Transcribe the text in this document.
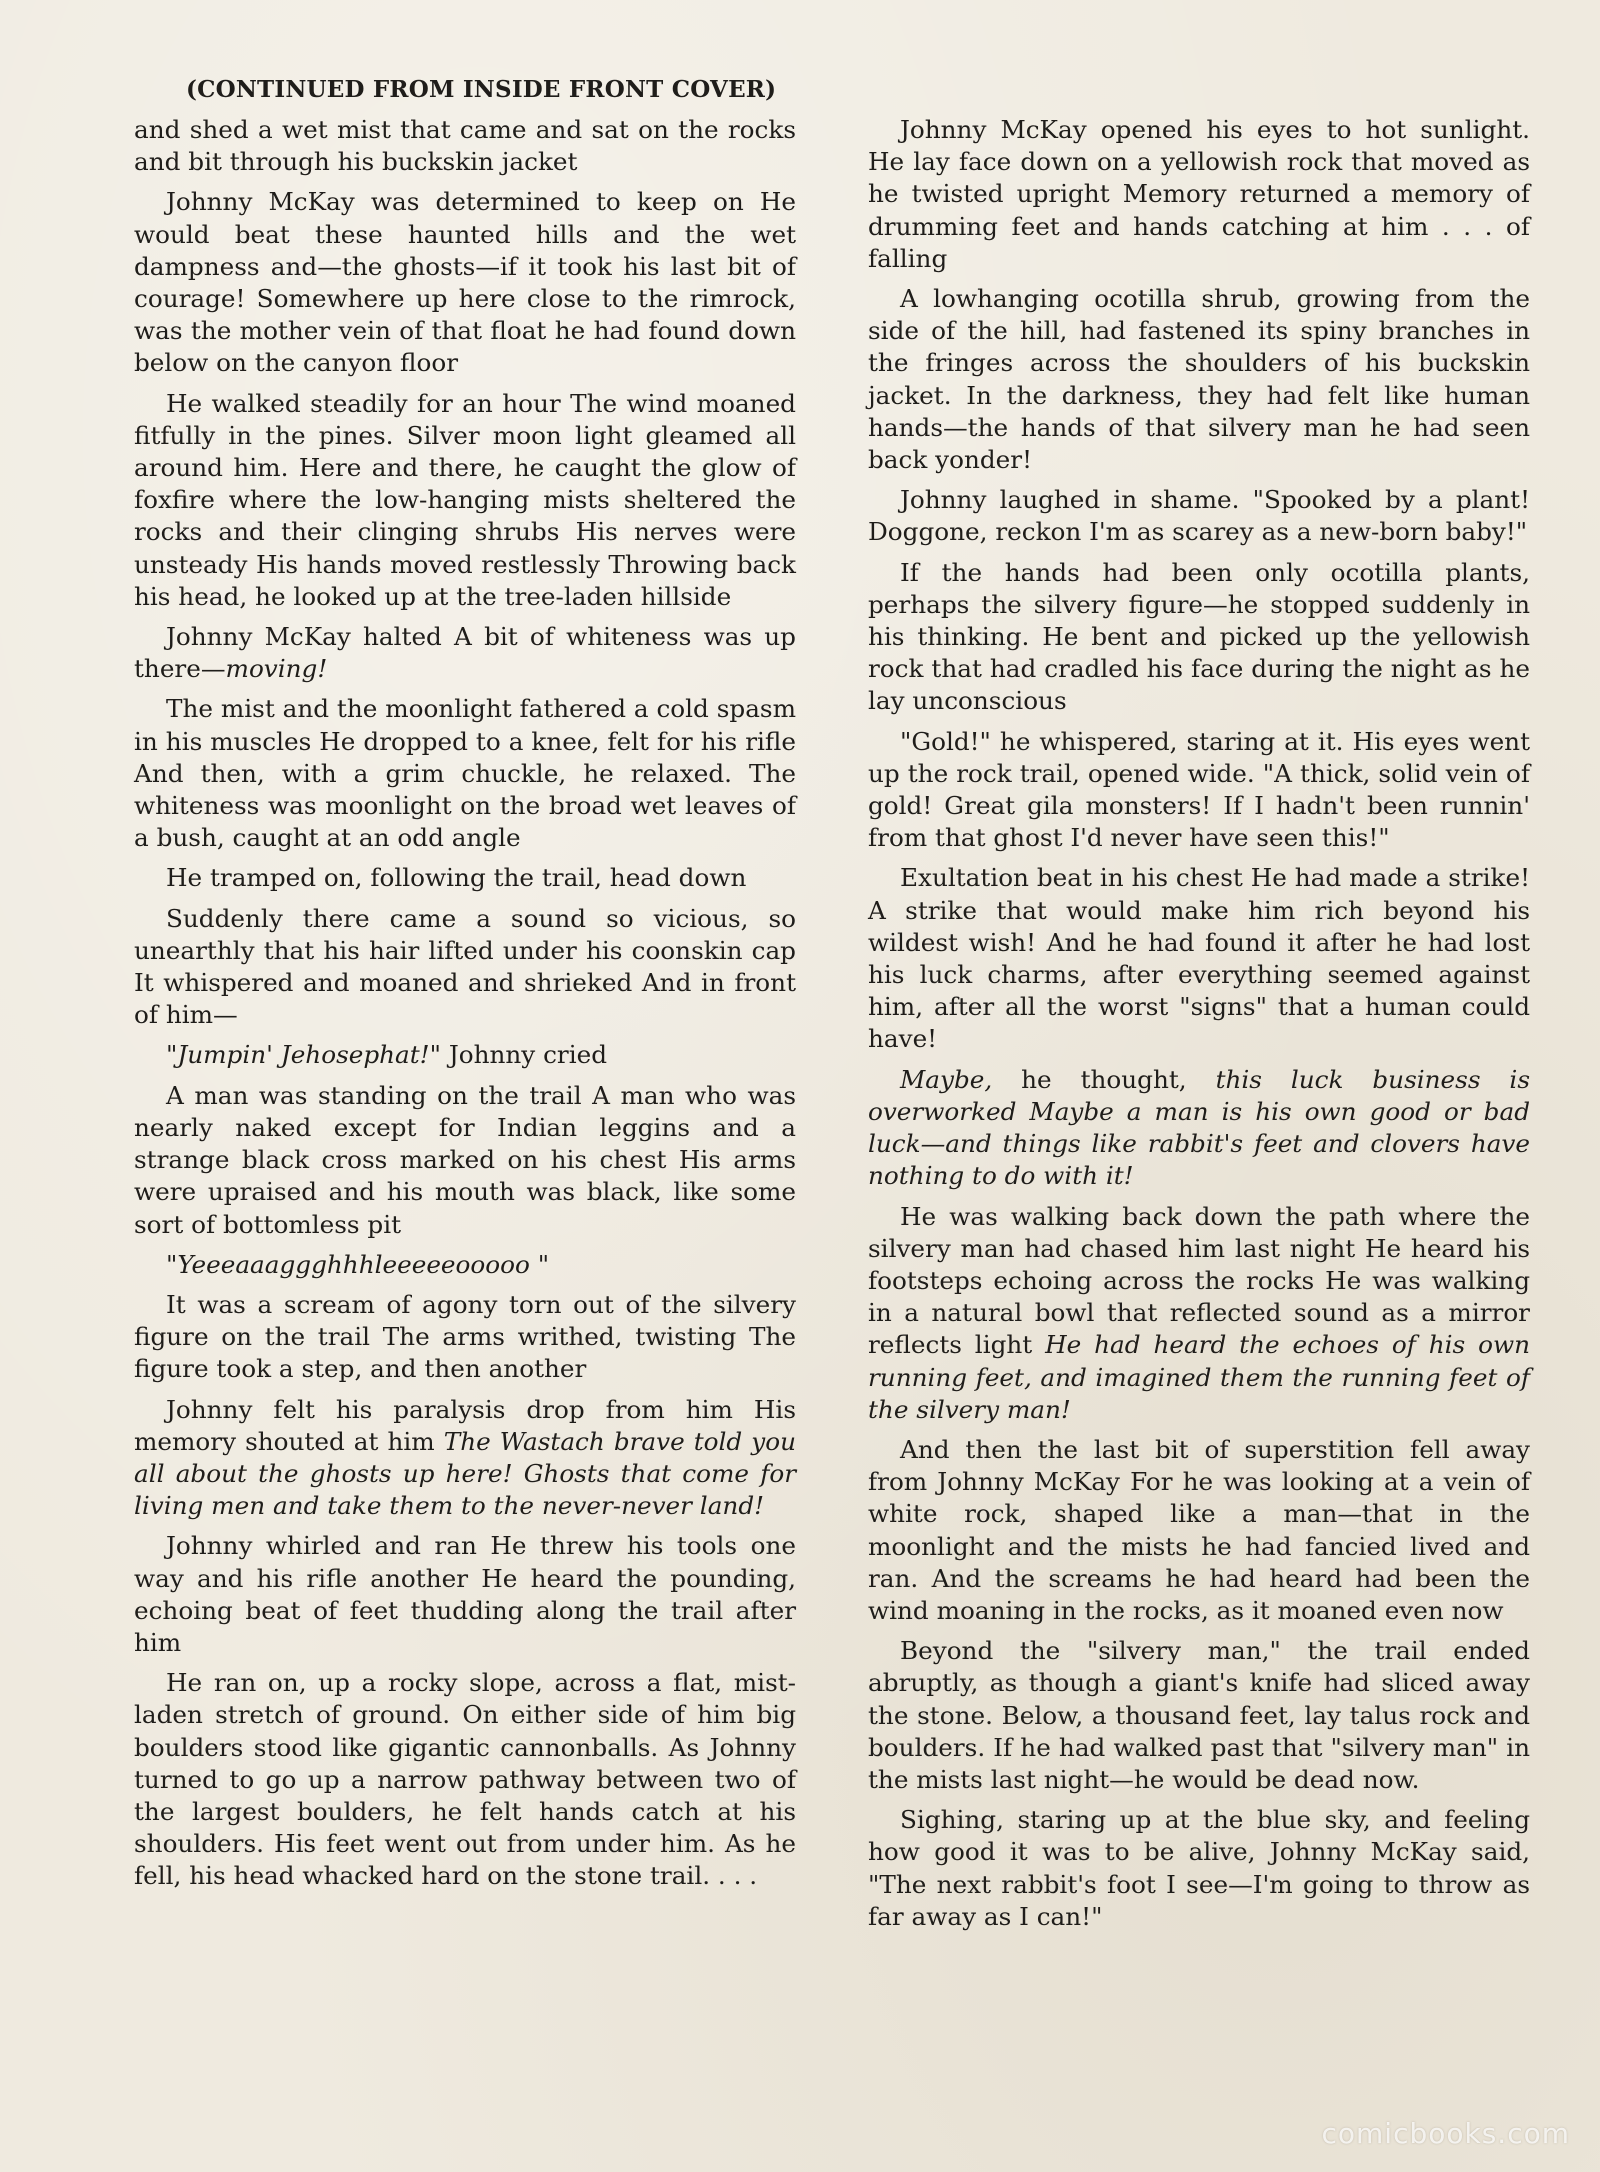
(CONTINUED FROM INSIDE FRONT COVER)

and shed a wet mist that came and sat on the rocks and bit through his buckskin jacket

Johnny McKay was determined to keep on He would beat these haunted hills and the wet dampness and—the ghosts—if it took his last bit of courage! Somewhere up here close to the rimrock, was the mother vein of that float he had found down below on the canyon floor

He walked steadily for an hour The wind moaned fitfully in the pines. Silver moon light gleamed all around him. Here and there, he caught the glow of foxfire where the low-hanging mists sheltered the rocks and their clinging shrubs His nerves were unsteady His hands moved restlessly Throwing back his head, he looked up at the tree-laden hillside

Johnny McKay halted A bit of whiteness was up there—moving!

The mist and the moonlight fathered a cold spasm in his muscles He dropped to a knee, felt for his rifle And then, with a grim chuckle, he relaxed. The whiteness was moonlight on the broad wet leaves of a bush, caught at an odd angle

He tramped on, following the trail, head down

Suddenly there came a sound so vicious, so unearthly that his hair lifted under his coonskin cap It whispered and moaned and shrieked And in front of him—

"Jumpin' Jehosephat!" Johnny cried

A man was standing on the trail A man who was nearly naked except for Indian leggins and a strange black cross marked on his chest His arms were upraised and his mouth was black, like some sort of bottomless pit

"Yeeeaaaggghhhleeeeeooooo "

It was a scream of agony torn out of the silvery figure on the trail The arms writhed, twisting The figure took a step, and then another

Johnny felt his paralysis drop from him His memory shouted at him The Wastach brave told you all about the ghosts up here! Ghosts that come for living men and take them to the never-never land!

Johnny whirled and ran He threw his tools one way and his rifle another He heard the pounding, echoing beat of feet thudding along the trail after him

He ran on, up a rocky slope, across a flat, mist-laden stretch of ground. On either side of him big boulders stood like gigantic cannonballs. As Johnny turned to go up a narrow pathway between two of the largest boulders, he felt hands catch at his shoulders. His feet went out from under him. As he fell, his head whacked hard on the stone trail. . . .

Johnny McKay opened his eyes to hot sunlight. He lay face down on a yellowish rock that moved as he twisted upright Memory returned a memory of drumming feet and hands catching at him . . . of falling

A lowhanging ocotilla shrub, growing from the side of the hill, had fastened its spiny branches in the fringes across the shoulders of his buckskin jacket. In the darkness, they had felt like human hands—the hands of that silvery man he had seen back yonder!

Johnny laughed in shame. "Spooked by a plant! Doggone, reckon I'm as scarey as a new-born baby!"

If the hands had been only ocotilla plants, perhaps the silvery figure—he stopped suddenly in his thinking. He bent and picked up the yellowish rock that had cradled his face during the night as he lay unconscious

"Gold!" he whispered, staring at it. His eyes went up the rock trail, opened wide. "A thick, solid vein of gold! Great gila monsters! If I hadn't been runnin' from that ghost I'd never have seen this!"

Exultation beat in his chest He had made a strike! A strike that would make him rich beyond his wildest wish! And he had found it after he had lost his luck charms, after everything seemed against him, after all the worst "signs" that a human could have!

Maybe, he thought, this luck business is overworked Maybe a man is his own good or bad luck—and things like rabbit's feet and clovers have nothing to do with it!

He was walking back down the path where the silvery man had chased him last night He heard his footsteps echoing across the rocks He was walking in a natural bowl that reflected sound as a mirror reflects light He had heard the echoes of his own running feet, and imagined them the running feet of the silvery man!

And then the last bit of superstition fell away from Johnny McKay For he was looking at a vein of white rock, shaped like a man—that in the moonlight and the mists he had fancied lived and ran. And the screams he had heard had been the wind moaning in the rocks, as it moaned even now

Beyond the "silvery man," the trail ended abruptly, as though a giant's knife had sliced away the stone. Below, a thousand feet, lay talus rock and boulders. If he had walked past that "silvery man" in the mists last night—he would be dead now.

Sighing, staring up at the blue sky, and feeling how good it was to be alive, Johnny McKay said, "The next rabbit's foot I see—I'm going to throw as far away as I can!"

comicbooks.com
